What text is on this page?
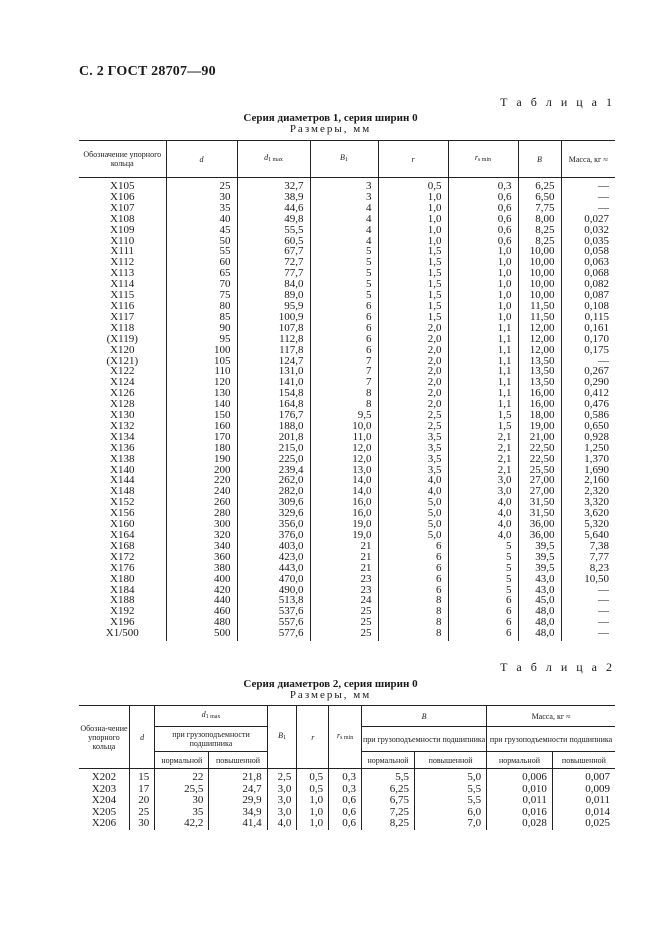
С. 2 ГОСТ 28707—90
Т а б л и ц а 1
Серия диаметров 1, серия ширин 0
Размеры, мм
Обозначение упорного кольца	d	d1 max	B1	r	rs min	B	Масса, кг ≈
Х105	25	32,7	3	0,5	0,3	6,25	—
Х106	30	38,9	3	1,0	0,6	6,50	—
Х107	35	44,6	4	1,0	0,6	7,75	—
Х108	40	49,8	4	1,0	0,6	8,00	0,027
Х109	45	55,5	4	1,0	0,6	8,25	0,032
Х110	50	60,5	4	1,0	0,6	8,25	0,035
Х111	55	67,7	5	1,5	1,0	10,00	0,058
Х112	60	72,7	5	1,5	1,0	10,00	0,063
Х113	65	77,7	5	1,5	1,0	10,00	0,068
Х114	70	84,0	5	1,5	1,0	10,00	0,082
Х115	75	89,0	5	1,5	1,0	10,00	0,087
Х116	80	95,9	6	1,5	1,0	11,50	0,108
Х117	85	100,9	6	1,5	1,0	11,50	0,115
Х118	90	107,8	6	2,0	1,1	12,00	0,161
(Х119)	95	112,8	6	2,0	1,1	12,00	0,170
Х120	100	117,8	6	2,0	1,1	12,00	0,175
(Х121)	105	124,7	7	2,0	1,1	13,50	—
Х122	110	131,0	7	2,0	1,1	13,50	0,267
Х124	120	141,0	7	2,0	1,1	13,50	0,290
Х126	130	154,8	8	2,0	1,1	16,00	0,412
Х128	140	164,8	8	2,0	1,1	16,00	0,476
Х130	150	176,7	9,5	2,5	1,5	18,00	0,586
Х132	160	188,0	10,0	2,5	1,5	19,00	0,650
Х134	170	201,8	11,0	3,5	2,1	21,00	0,928
Х136	180	215,0	12,0	3,5	2,1	22,50	1,250
Х138	190	225,0	12,0	3,5	2,1	22,50	1,370
Х140	200	239,4	13,0	3,5	2,1	25,50	1,690
Х144	220	262,0	14,0	4,0	3,0	27,00	2,160
Х148	240	282,0	14,0	4,0	3,0	27,00	2,320
Х152	260	309,6	16,0	5,0	4,0	31,50	3,320
Х156	280	329,6	16,0	5,0	4,0	31,50	3,620
Х160	300	356,0	19,0	5,0	4,0	36,00	5,320
Х164	320	376,0	19,0	5,0	4,0	36,00	5,640
Х168	340	403,0	21	6	5	39,5	7,38
Х172	360	423,0	21	6	5	39,5	7,77
Х176	380	443,0	21	6	5	39,5	8,23
Х180	400	470,0	23	6	5	43,0	10,50
Х184	420	490,0	23	6	5	43,0	—
Х188	440	513,8	24	8	6	45,0	—
Х192	460	537,6	25	8	6	48,0	—
Х196	480	557,6	25	8	6	48,0	—
Х1/500	500	577,6	25	8	6	48,0	—
Т а б л и ц а 2
Серия диаметров 2, серия ширин 0
Размеры, мм
Обозна-чение упорного кольца	d	d1 max		B1	r	rs min	B		Масса, кг ≈	
		при грузоподъемности подшипника					при грузоподъемности подшипника		при грузоподъемности подшипника	
		нормальной	повышенной				нормальной	повышенной	нормальной	повышенной
Х202	15	22	21,8	2,5	0,5	0,3	5,5	5,0	0,006	0,007
Х203	17	25,5	24,7	3,0	0,5	0,3	6,25	5,5	0,010	0,009
Х204	20	30	29,9	3,0	1,0	0,6	6,75	5,5	0,011	0,011
Х205	25	35	34,9	3,0	1,0	0,6	7,25	6,0	0,016	0,014
Х206	30	42,2	41,4	4,0	1,0	0,6	8,25	7,0	0,028	0,025
